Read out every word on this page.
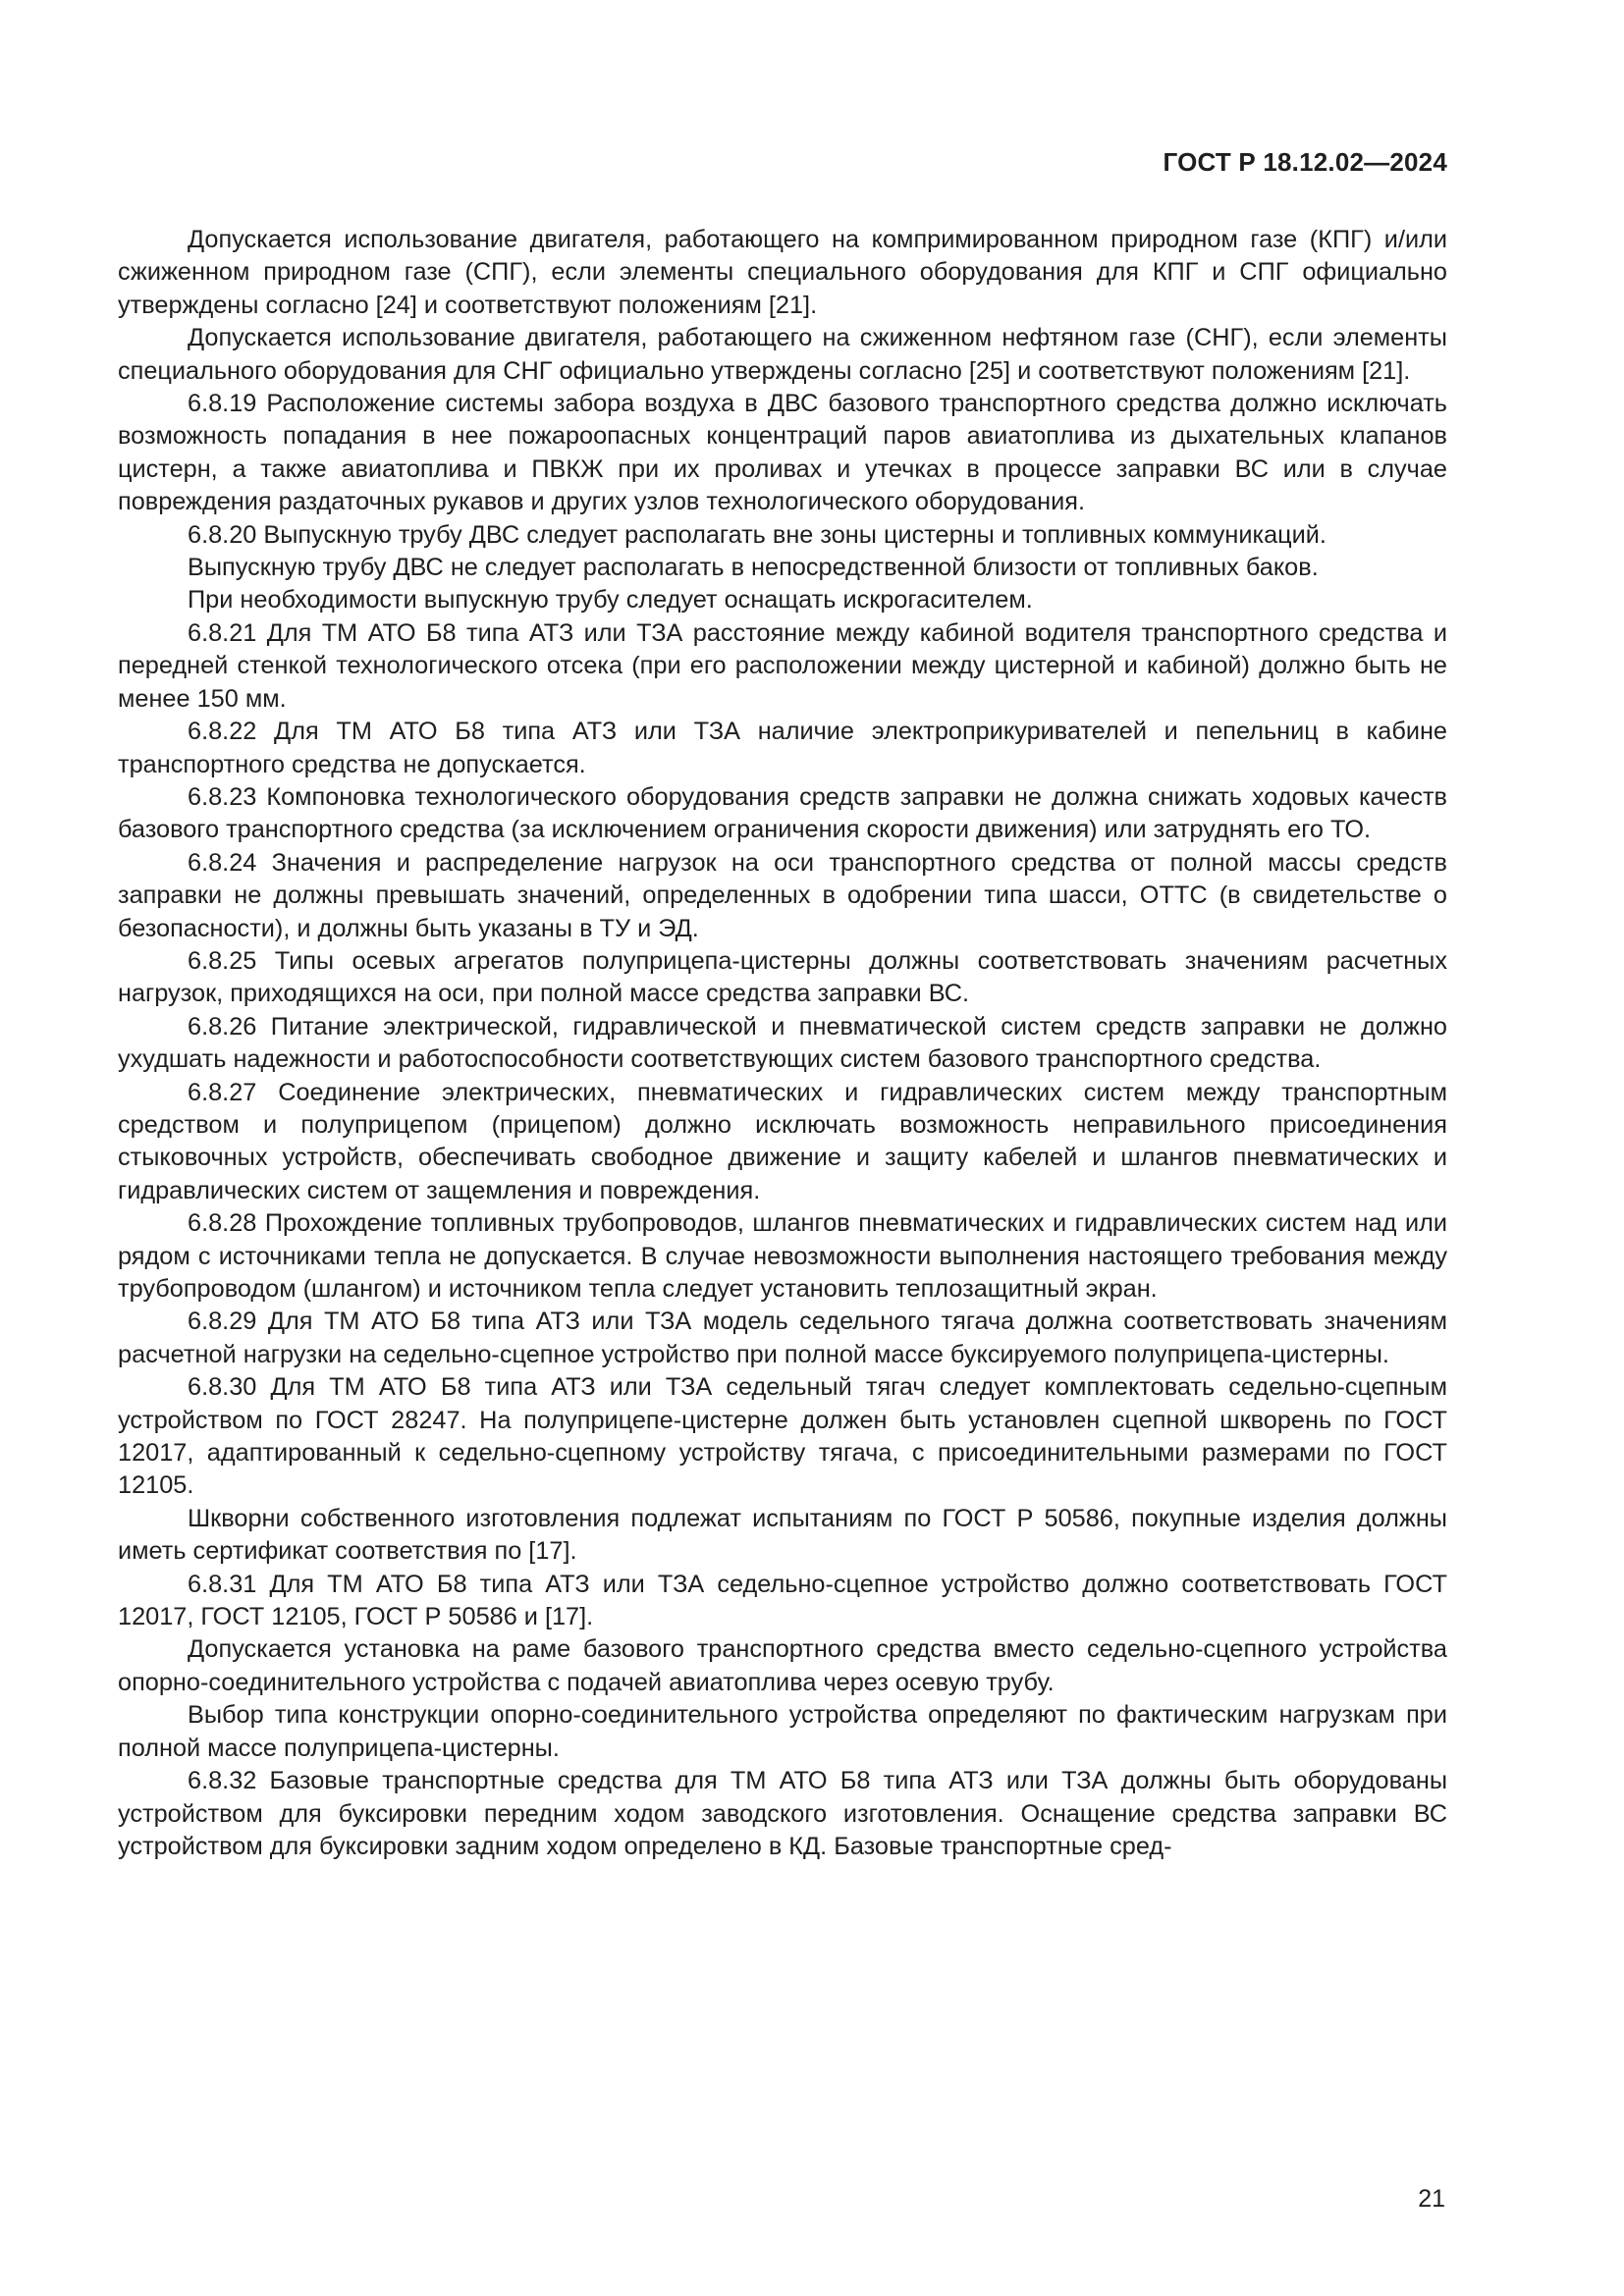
ГОСТ Р 18.12.02—2024

Допускается использование двигателя, работающего на компримированном природном газе (КПГ) и/или сжиженном природном газе (СПГ), если элементы специального оборудования для КПГ и СПГ официально утверждены согласно [24] и соответствуют положениям [21].

Допускается использование двигателя, работающего на сжиженном нефтяном газе (СНГ), если элементы специального оборудования для СНГ официально утверждены согласно [25] и соответствуют положениям [21].

6.8.19 Расположение системы забора воздуха в ДВС базового транспортного средства должно исключать возможность попадания в нее пожароопасных концентраций паров авиатоплива из дыхательных клапанов цистерн, а также авиатоплива и ПВКЖ при их проливах и утечках в процессе заправки ВС или в случае повреждения раздаточных рукавов и других узлов технологического оборудования.

6.8.20 Выпускную трубу ДВС следует располагать вне зоны цистерны и топливных коммуникаций.

Выпускную трубу ДВС не следует располагать в непосредственной близости от топливных баков.

При необходимости выпускную трубу следует оснащать искрогасителем.

6.8.21 Для ТМ АТО Б8 типа АТЗ или ТЗА расстояние между кабиной водителя транспортного средства и передней стенкой технологического отсека (при его расположении между цистерной и кабиной) должно быть не менее 150 мм.

6.8.22 Для ТМ АТО Б8 типа АТЗ или ТЗА наличие электроприкуривателей и пепельниц в кабине транспортного средства не допускается.

6.8.23 Компоновка технологического оборудования средств заправки не должна снижать ходовых качеств базового транспортного средства (за исключением ограничения скорости движения) или затруднять его ТО.

6.8.24 Значения и распределение нагрузок на оси транспортного средства от полной массы средств заправки не должны превышать значений, определенных в одобрении типа шасси, ОТТС (в свидетельстве о безопасности), и должны быть указаны в ТУ и ЭД.

6.8.25 Типы осевых агрегатов полуприцепа-цистерны должны соответствовать значениям расчетных нагрузок, приходящихся на оси, при полной массе средства заправки ВС.

6.8.26 Питание электрической, гидравлической и пневматической систем средств заправки не должно ухудшать надежности и работоспособности соответствующих систем базового транспортного средства.

6.8.27 Соединение электрических, пневматических и гидравлических систем между транспортным средством и полуприцепом (прицепом) должно исключать возможность неправильного присоединения стыковочных устройств, обеспечивать свободное движение и защиту кабелей и шлангов пневматических и гидравлических систем от защемления и повреждения.

6.8.28 Прохождение топливных трубопроводов, шлангов пневматических и гидравлических систем над или рядом с источниками тепла не допускается. В случае невозможности выполнения настоящего требования между трубопроводом (шлангом) и источником тепла следует установить теплозащитный экран.

6.8.29 Для ТМ АТО Б8 типа АТЗ или ТЗА модель седельного тягача должна соответствовать значениям расчетной нагрузки на седельно-сцепное устройство при полной массе буксируемого полуприцепа-цистерны.

6.8.30 Для ТМ АТО Б8 типа АТЗ или ТЗА седельный тягач следует комплектовать седельно-сцепным устройством по ГОСТ 28247. На полуприцепе-цистерне должен быть установлен сцепной шкворень по ГОСТ 12017, адаптированный к седельно-сцепному устройству тягача, с присоединительными размерами по ГОСТ 12105.

Шкворни собственного изготовления подлежат испытаниям по ГОСТ Р 50586, покупные изделия должны иметь сертификат соответствия по [17].

6.8.31 Для ТМ АТО Б8 типа АТЗ или ТЗА седельно-сцепное устройство должно соответствовать ГОСТ 12017, ГОСТ 12105, ГОСТ Р 50586 и [17].

Допускается установка на раме базового транспортного средства вместо седельно-сцепного устройства опорно-соединительного устройства с подачей авиатоплива через осевую трубу.

Выбор типа конструкции опорно-соединительного устройства определяют по фактическим нагрузкам при полной массе полуприцепа-цистерны.

6.8.32 Базовые транспортные средства для ТМ АТО Б8 типа АТЗ или ТЗА должны быть оборудованы устройством для буксировки передним ходом заводского изготовления. Оснащение средства заправки ВС устройством для буксировки задним ходом определено в КД. Базовые транспортные сред-

21
